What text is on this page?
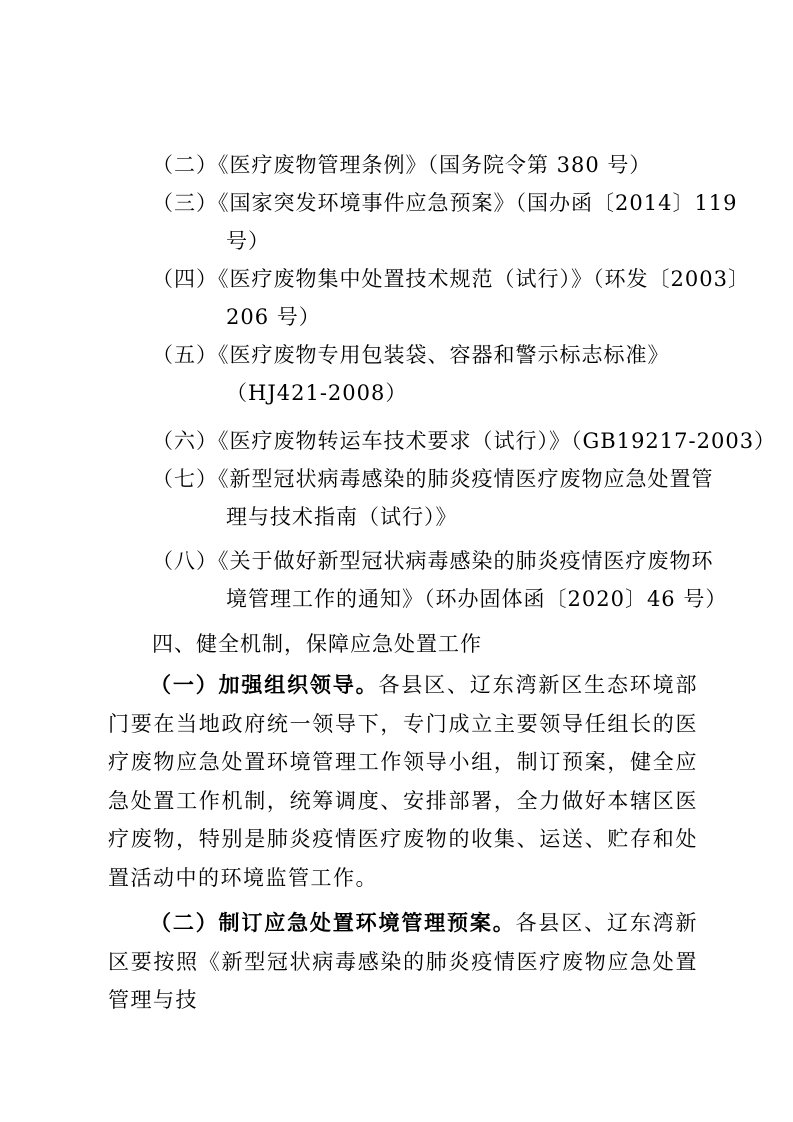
（二）《医疗废物管理条例》（国务院令第 380 号）
（三）《国家突发环境事件应急预案》（国办函〔2014〕119
号）
（四）《医疗废物集中处置技术规范（试行）》（环发〔2003〕
206 号）
（五）《医疗废物专用包装袋、容器和警示标志标准》
（HJ421-2008）
（六）《医疗废物转运车技术要求（试行）》（GB19217-2003）
（七）《新型冠状病毒感染的肺炎疫情医疗废物应急处置管
理与技术指南（试行）》
（八）《关于做好新型冠状病毒感染的肺炎疫情医疗废物环
境管理工作的通知》（环办固体函〔2020〕46 号）
四、健全机制，保障应急处置工作
（一）加强组织领导。各县区、辽东湾新区生态环境部门要在当地政府统一领导下，专门成立主要领导任组长的医疗废物应急处置环境管理工作领导小组，制订预案，健全应急处置工作机制，统筹调度、安排部署，全力做好本辖区医疗废物，特别是肺炎疫情医疗废物的收集、运送、贮存和处置活动中的环境监管工作。
（二）制订应急处置环境管理预案。各县区、辽东湾新区要按照《新型冠状病毒感染的肺炎疫情医疗废物应急处置管理与技
